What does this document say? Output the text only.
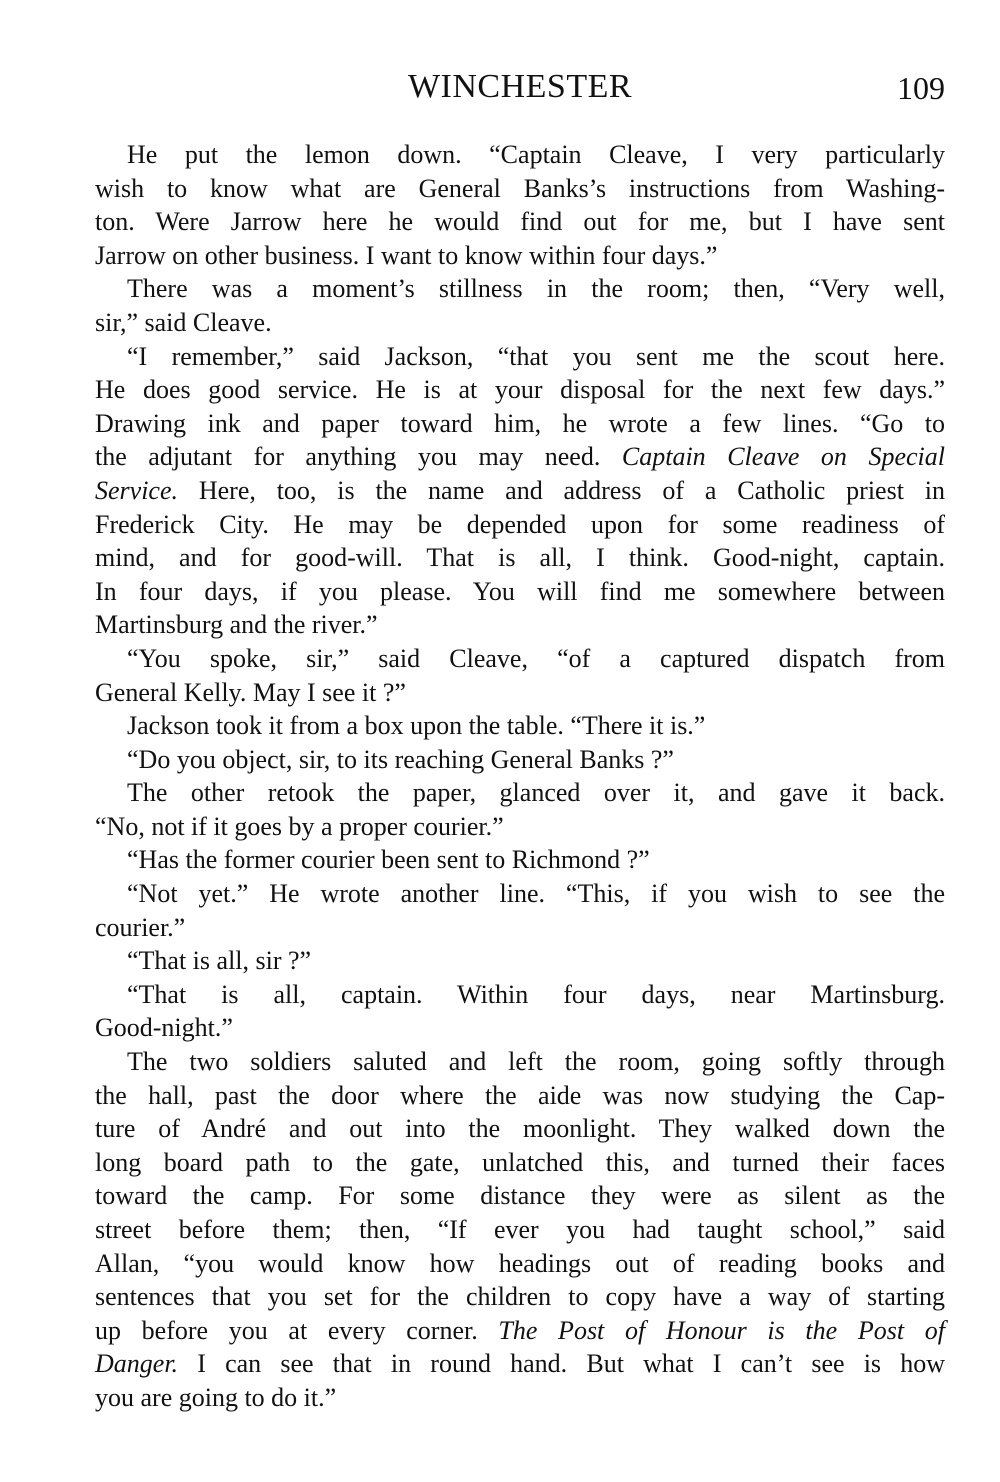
WINCHESTER	109
He put the lemon down. “Captain Cleave, I very particularly
wish to know what are General Banks’s instructions from Washing-
ton. Were Jarrow here he would find out for me, but I have sent
Jarrow on other business. I want to know within four days.”
There was a moment’s stillness in the room; then, “Very well,
sir,” said Cleave.
“I remember,” said Jackson, “that you sent me the scout here.
He does good service. He is at your disposal for the next few days.”
Drawing ink and paper toward him, he wrote a few lines. “Go to
the adjutant for anything you may need. Captain Cleave on Special
Service. Here, too, is the name and address of a Catholic priest in
Frederick City. He may be depended upon for some readiness of
mind, and for good-will. That is all, I think. Good-night, captain.
In four days, if you please. You will find me somewhere between
Martinsburg and the river.”
“You spoke, sir,” said Cleave, “of a captured dispatch from
General Kelly. May I see it ?”
Jackson took it from a box upon the table. “There it is.”
“Do you object, sir, to its reaching General Banks ?”
The other retook the paper, glanced over it, and gave it back.
“No, not if it goes by a proper courier.”
“Has the former courier been sent to Richmond ?”
“Not yet.” He wrote another line. “This, if you wish to see the
courier.”
“That is all, sir ?”
“That is all, captain. Within four days, near Martinsburg.
Good-night.”
The two soldiers saluted and left the room, going softly through
the hall, past the door where the aide was now studying the Cap-
ture of André and out into the moonlight. They walked down the
long board path to the gate, unlatched this, and turned their faces
toward the camp. For some distance they were as silent as the
street before them; then, “If ever you had taught school,” said
Allan, “you would know how headings out of reading books and
sentences that you set for the children to copy have a way of starting
up before you at every corner. The Post of Honour is the Post of
Danger. I can see that in round hand. But what I can’t see is how
you are going to do it.”
